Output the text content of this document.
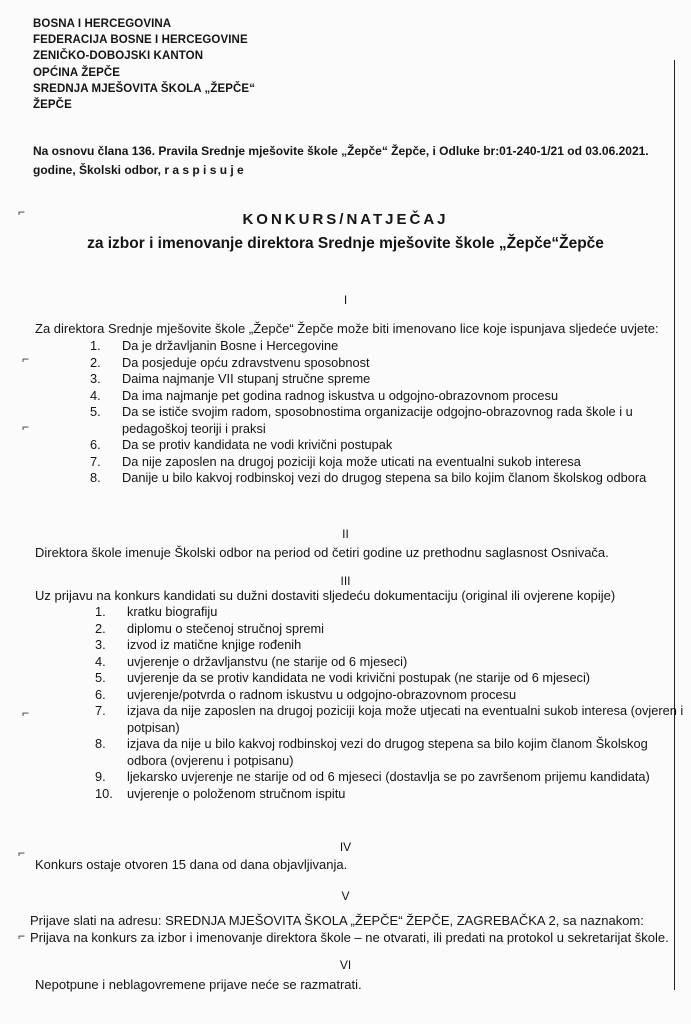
BOSNA I HERCEGOVINA
FEDERACIJA BOSNE I HERCEGOVINE
ZENIČKO-DOBOJSKI KANTON
OPĆINA ŽEPČE
SREDNJA MJEŠOVITA ŠKOLA „ŽEPČE“
ŽEPČE
Na osnovu člana 136. Pravila Srednje mješovite škole „Žepče“ Žepče, i Odluke br:01-240-1/21 od 03.06.2021. godine, Školski odbor, r a s p i s u j e
KONKURS/NATJEČAJ
za izbor i imenovanje direktora Srednje mješovite škole „Žepče“Žepče
I
Za direktora Srednje mješovite škole „Žepče“ Žepče može biti imenovano lice koje ispunjava sljedeće uvjete:
1. Da je državljanin Bosne i Hercegovine
2. Da posjeduje opću zdravstvenu sposobnost
3. Daima najmanje VII stupanj stručne spreme
4. Da ima najmanje pet godina radnog iskustva u odgojno-obrazovnom procesu
5. Da se ističe svojim radom, sposobnostima organizacije odgojno-obrazovnog rada škole i u pedagoškoj teoriji i praksi
6. Da se protiv kandidata ne vodi krivični postupak
7. Da nije zaposlen na drugoj poziciji koja može uticati na eventualni sukob interesa
8. Danije u bilo kakvoj rodbinskoj vezi do drugog stepena sa bilo kojim članom školskog odbora
II
Direktora škole imenuje Školski odbor na period od četiri godine uz prethodnu saglasnost Osnivača.
III
Uz prijavu na konkurs kandidati su dužni dostaviti sljedeću dokumentaciju (original ili ovjerene kopije)
1. kratku biografiju
2. diplomu o stečenoj stručnoj spremi
3. izvod iz matične knjige rođenih
4. uvjerenje o državljanstvu (ne starije od 6 mjeseci)
5. uvjerenje da se protiv kandidata ne vodi krivični postupak (ne starije od 6 mjeseci)
6. uvjerenje/potvrda o radnom iskustvu u odgojno-obrazovnom procesu
7. izjava da nije zaposlen na drugoj poziciji koja može utjecati na eventualni sukob interesa (ovjeren i potpisan)
8. izjava da nije u bilo kakvoj rodbinskoj vezi do drugog stepena sa bilo kojim članom Školskog odbora (ovjerenu i potpisanu)
9. ljekarsko uvjerenje ne starije od od 6 mjeseci (dostavlja se po završenom prijemu kandidata)
10. uvjerenje o položenom stručnom ispitu
IV
Konkurs ostaje otvoren 15 dana od dana objavljivanja.
V
Prijave slati na adresu: SREDNJA MJEŠOVITA ŠKOLA „ŽEPČE“ ŽEPČE, ZAGREBAČKA 2, sa naznakom: Prijava na konkurs za izbor i imenovanje direktora škole – ne otvarati, ili predati na protokol u sekretarijat škole.
VI
Nepotpune i neblagovremene prijave neće se razmatrati.
⌐
⌐
⌐
⌐
⌐
⌐
